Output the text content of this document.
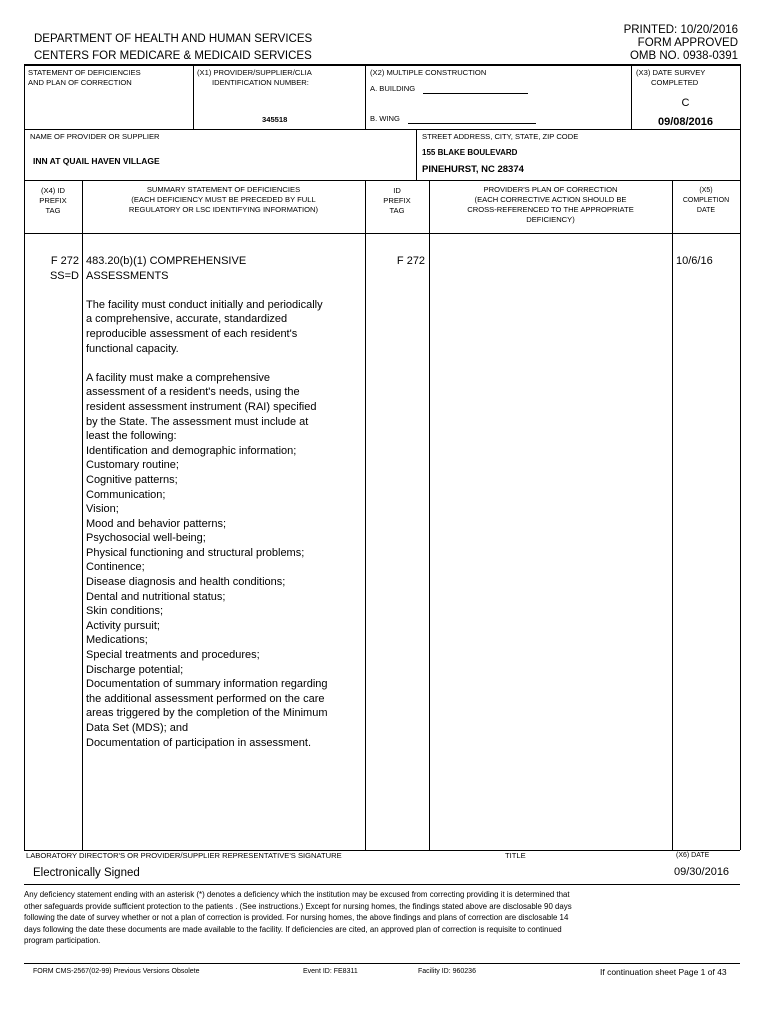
DEPARTMENT OF HEALTH AND HUMAN SERVICES
CENTERS FOR MEDICARE & MEDICAID SERVICES
PRINTED: 10/20/2016
FORM APPROVED
OMB NO. 0938-0391
STATEMENT OF DEFICIENCIES
AND PLAN OF CORRECTION
(X1) PROVIDER/SUPPLIER/CLIA
IDENTIFICATION NUMBER:
345518
(X2) MULTIPLE CONSTRUCTION
A. BUILDING
B. WING
(X3) DATE SURVEY
COMPLETED
C
09/08/2016
NAME OF PROVIDER OR SUPPLIER
INN AT QUAIL HAVEN VILLAGE
STREET ADDRESS, CITY, STATE, ZIP CODE
155 BLAKE BOULEVARD
PINEHURST, NC 28374
(X4) ID
PREFIX
TAG
SUMMARY STATEMENT OF DEFICIENCIES
(EACH DEFICIENCY MUST BE PRECEDED BY FULL
REGULATORY OR LSC IDENTIFYING INFORMATION)
ID
PREFIX
TAG
PROVIDER'S PLAN OF CORRECTION
(EACH CORRECTIVE ACTION SHOULD BE
CROSS-REFERENCED TO THE APPROPRIATE
DEFICIENCY)
(X5)
COMPLETION
DATE
F 272
SS=D
483.20(b)(1) COMPREHENSIVE
ASSESSMENTS
The facility must conduct initially and periodically
a comprehensive, accurate, standardized
reproducible assessment of each resident's
functional capacity.
A facility must make a comprehensive
assessment of a resident's needs, using the
resident assessment instrument (RAI) specified
by the State. The assessment must include at
least the following:
Identification and demographic information;
Customary routine;
Cognitive patterns;
Communication;
Vision;
Mood and behavior patterns;
Psychosocial well-being;
Physical functioning and structural problems;
Continence;
Disease diagnosis and health conditions;
Dental and nutritional status;
Skin conditions;
Activity pursuit;
Medications;
Special treatments and procedures;
Discharge potential;
Documentation of summary information regarding
the additional assessment performed on the care
areas triggered by the completion of the Minimum
Data Set (MDS); and
Documentation of participation in assessment.
F 272	10/6/16
LABORATORY DIRECTOR'S OR PROVIDER/SUPPLIER REPRESENTATIVE'S SIGNATURE	TITLE	(X6) DATE
Electronically Signed	09/30/2016
Any deficiency statement ending with an asterisk (*) denotes a deficiency which the institution may be excused from correcting providing it is determined that
other safeguards provide sufficient protection to the patients . (See instructions.) Except for nursing homes, the findings stated above are disclosable 90 days
following the date of survey whether or not a plan of correction is provided. For nursing homes, the above findings and plans of correction are disclosable 14
days following the date these documents are made available to the facility. If deficiencies are cited, an approved plan of correction is requisite to continued
program participation.
FORM CMS-2567(02-99) Previous Versions Obsolete	Event ID: FE8311	Facility ID: 960236	If continuation sheet Page 1 of 43
